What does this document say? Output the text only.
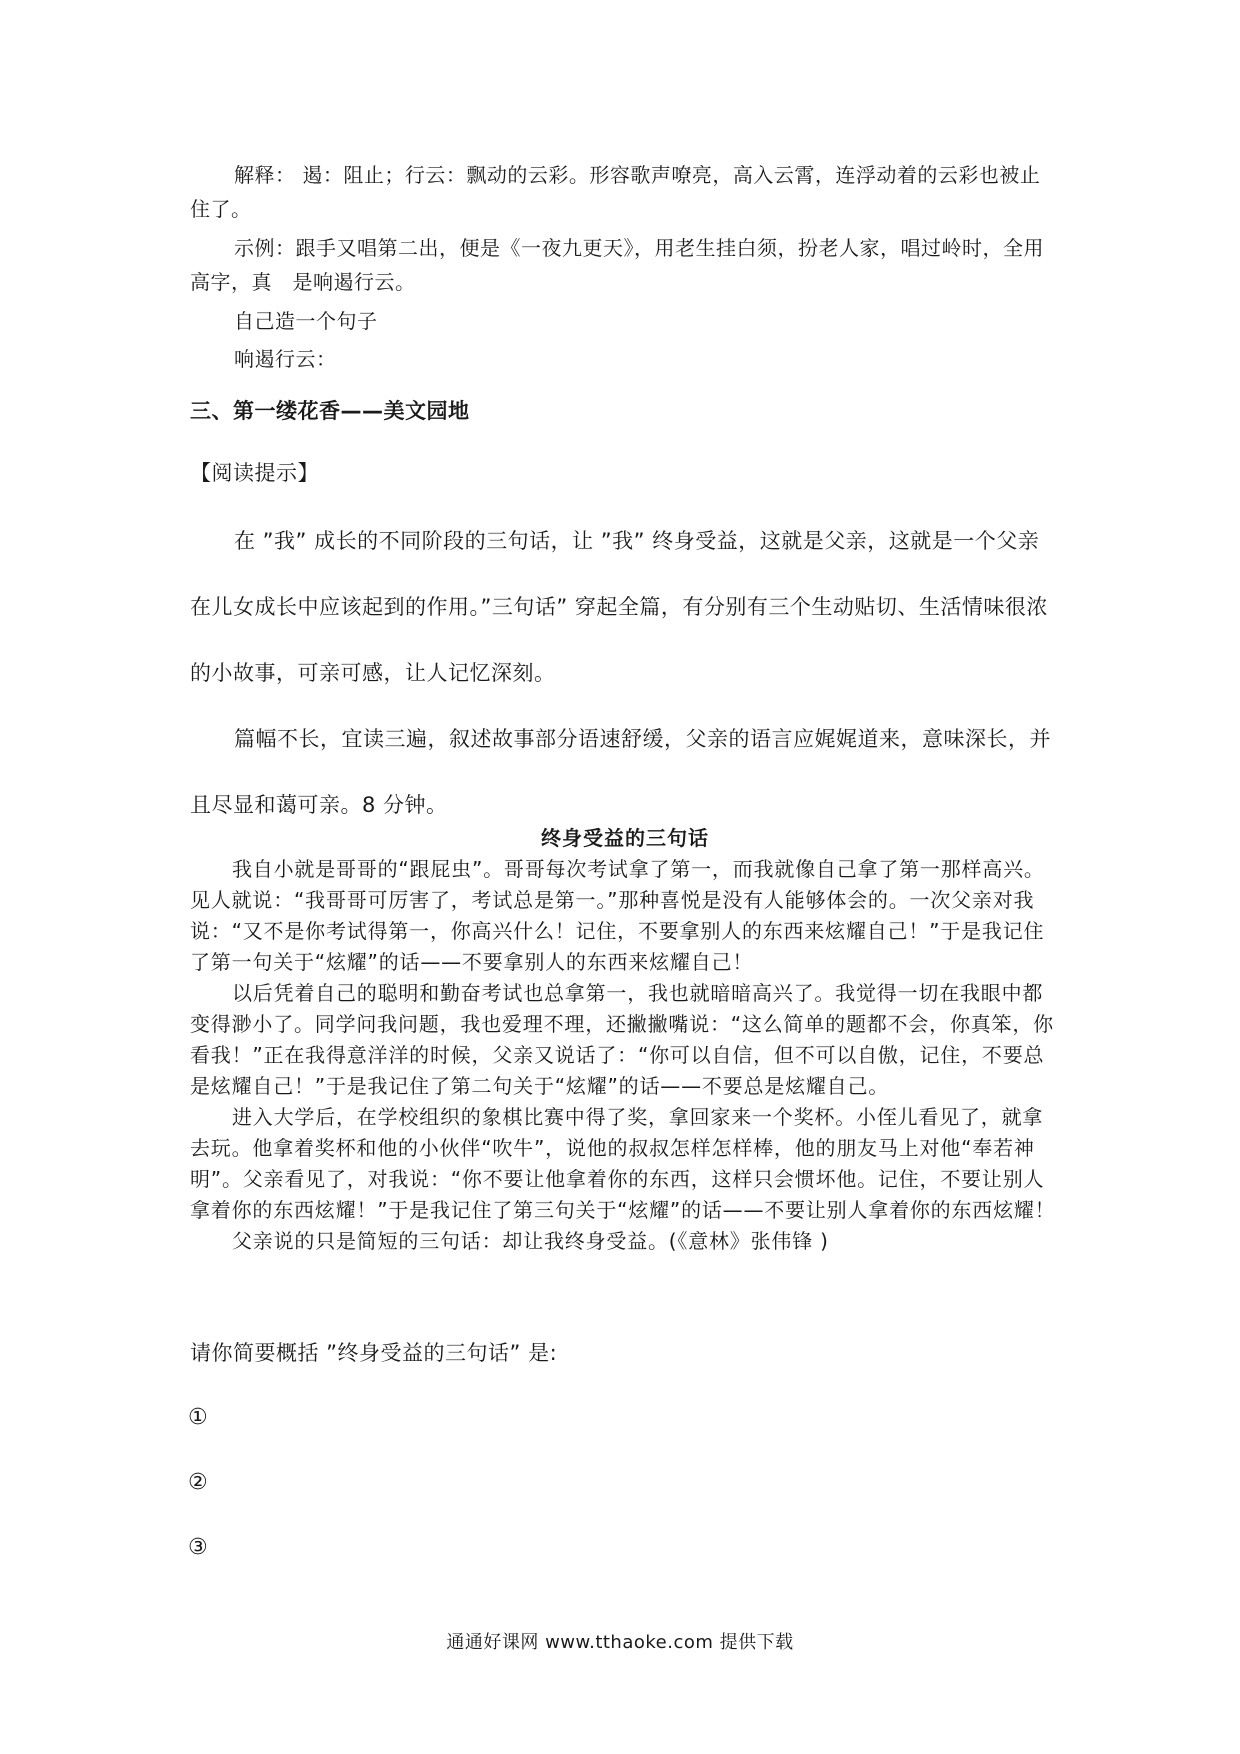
解释： 遏：阻止；行云：飘动的云彩。形容歌声嘹亮，高入云霄，连浮动着的云彩也被止住了。

示例：跟手又唱第二出，便是《一夜九更天》，用老生挂白须，扮老人家，唱过岭时，全用高字，真　是响遏行云。

自己造一个句子

响遏行云：

三、第一缕花香——美文园地
【阅读提示】

在 ”我” 成长的不同阶段的三句话，让 ”我” 终身受益，这就是父亲，这就是一个父亲在儿女成长中应该起到的作用。”三句话” 穿起全篇，有分别有三个生动贴切、生活情味很浓的小故事，可亲可感，让人记忆深刻。

篇幅不长，宜读三遍，叙述故事部分语速舒缓，父亲的语言应娓娓道来，意味深长，并且尽显和蔼可亲。8 分钟。

终身受益的三句话

我自小就是哥哥的“跟屁虫”。哥哥每次考试拿了第一，而我就像自己拿了第一那样高兴。见人就说：“我哥哥可厉害了，考试总是第一。”那种喜悦是没有人能够体会的。一次父亲对我说：“又不是你考试得第一，你高兴什么！记住，不要拿别人的东西来炫耀自己！”于是我记住了第一句关于“炫耀”的话——不要拿别人的东西来炫耀自己！

以后凭着自己的聪明和勤奋考试也总拿第一，我也就暗暗高兴了。我觉得一切在我眼中都变得渺小了。同学问我问题，我也爱理不理，还撇撇嘴说：“这么简单的题都不会，你真笨，你看我！”正在我得意洋洋的时候，父亲又说话了：“你可以自信，但不可以自傲，记住，不要总是炫耀自己！”于是我记住了第二句关于“炫耀”的话——不要总是炫耀自己。

进入大学后，在学校组织的象棋比赛中得了奖，拿回家来一个奖杯。小侄儿看见了，就拿去玩。他拿着奖杯和他的小伙伴“吹牛”，说他的叔叔怎样怎样棒，他的朋友马上对他“奉若神明”。父亲看见了，对我说：“你不要让他拿着你的东西，这样只会惯坏他。记住，不要让别人拿着你的东西炫耀！”于是我记住了第三句关于“炫耀”的话——不要让别人拿着你的东西炫耀！

父亲说的只是简短的三句话：却让我终身受益。(《意林》张伟锋 )

请你简要概括 ”终身受益的三句话” 是:

①
②
③
通通好课网 www.tthaoke.com 提供下载
